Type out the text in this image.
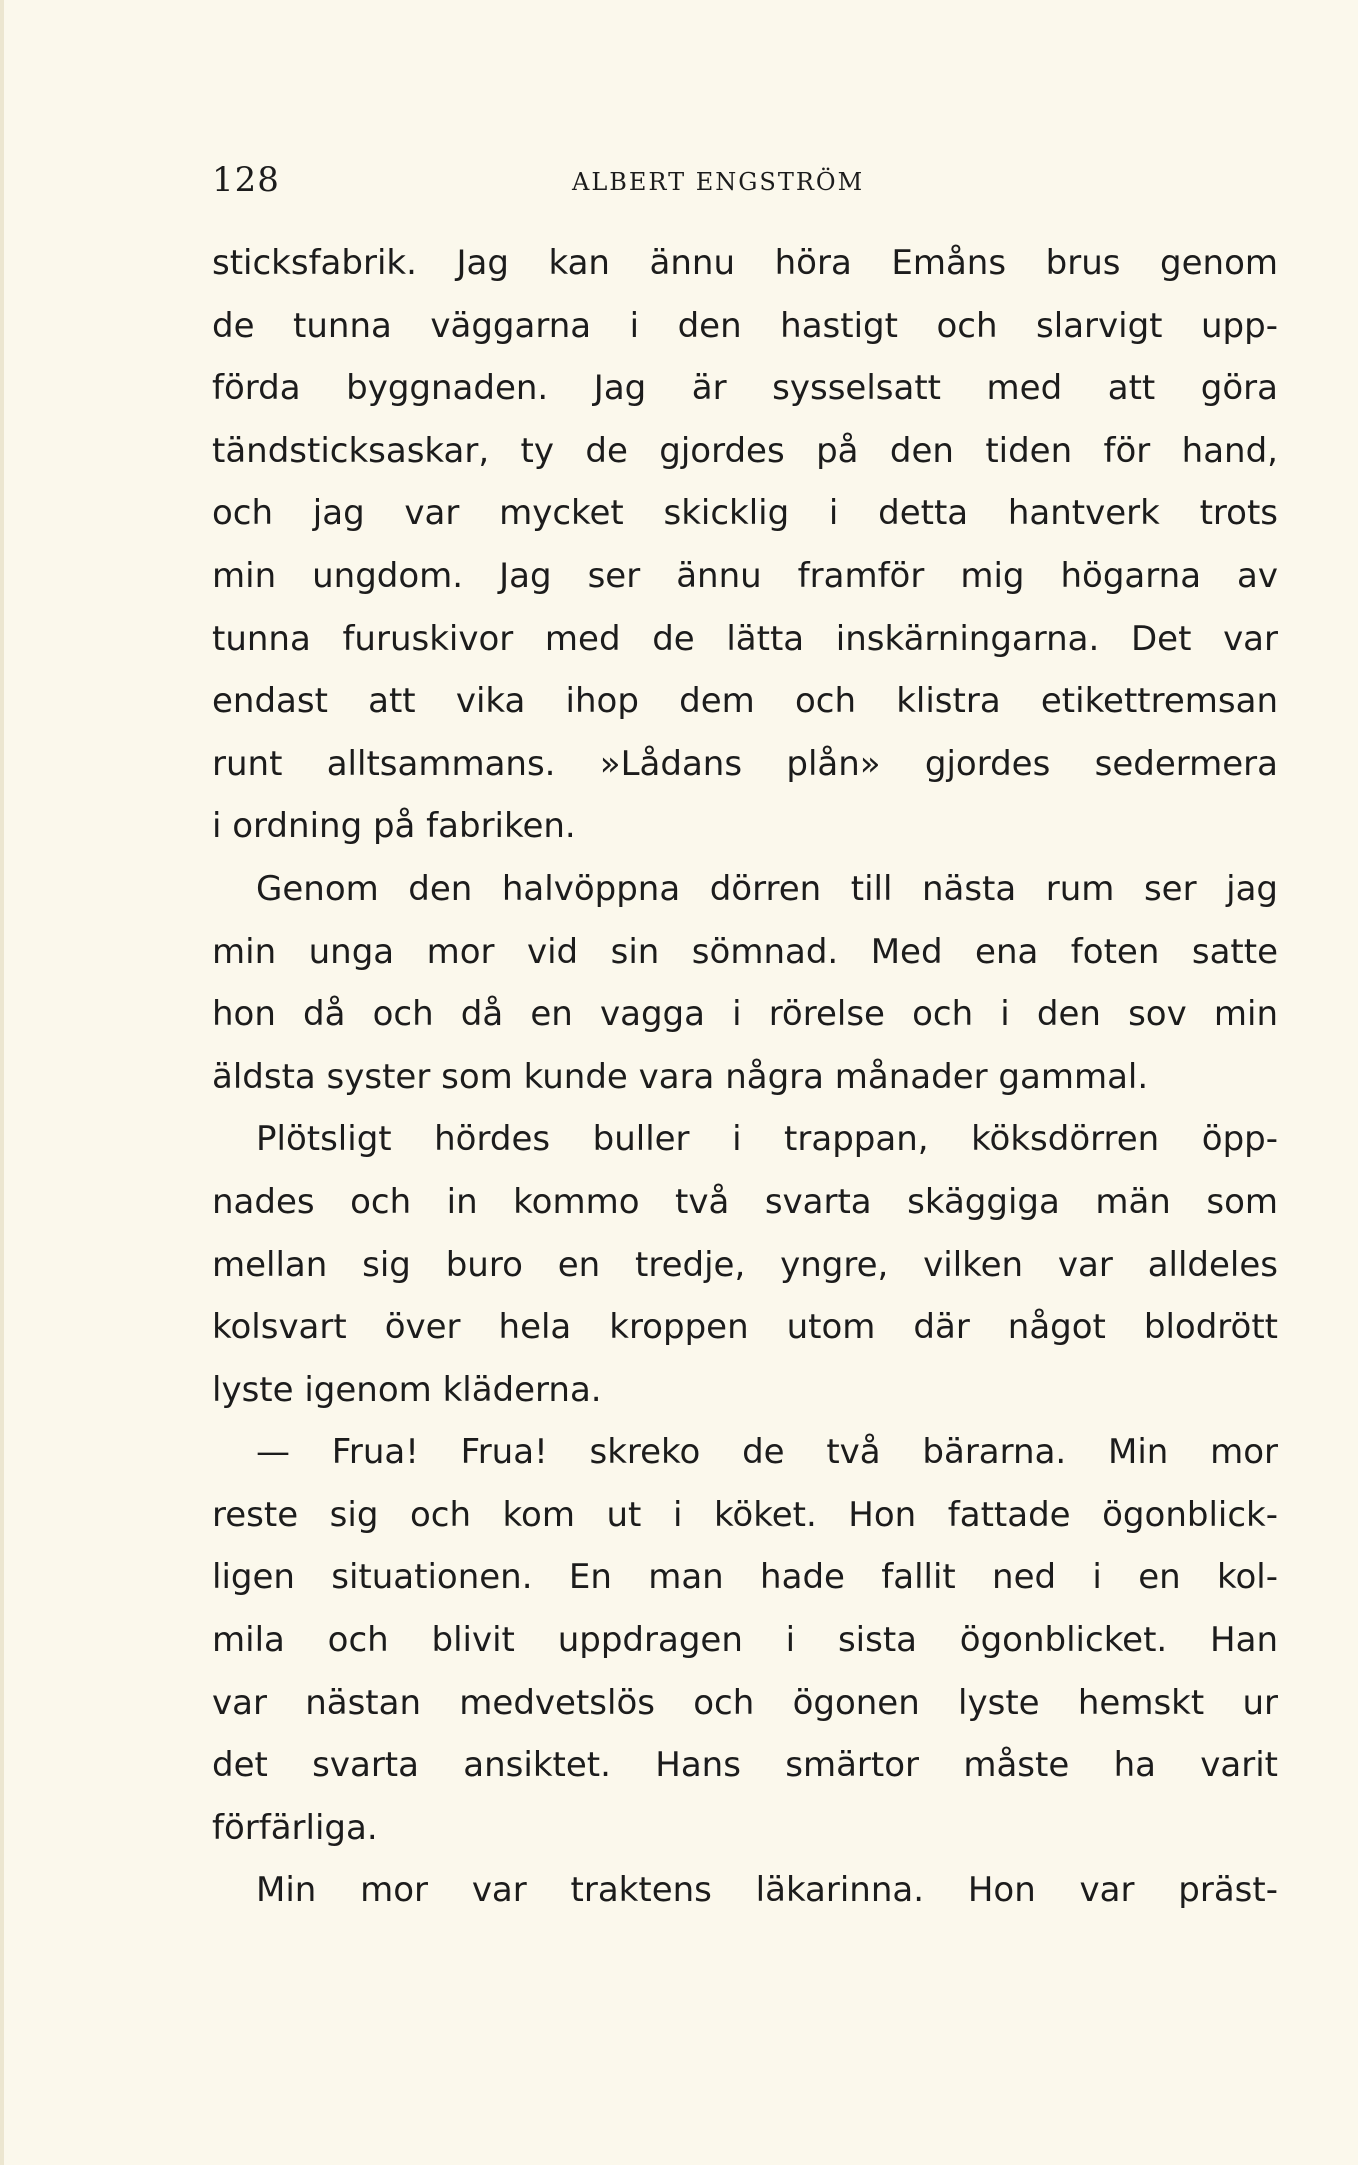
128	ALBERT ENGSTRÖM
sticksfabrik. Jag kan ännu höra Emåns brus genom
de tunna väggarna i den hastigt och slarvigt upp-
förda byggnaden. Jag är sysselsatt med att göra
tändsticksaskar, ty de gjordes på den tiden för hand,
och jag var mycket skicklig i detta hantverk trots
min ungdom. Jag ser ännu framför mig högarna av
tunna furuskivor med de lätta inskärningarna. Det var
endast att vika ihop dem och klistra etikettremsan
runt alltsammans. »Lådans plån» gjordes sedermera
i ordning på fabriken.
Genom den halvöppna dörren till nästa rum ser jag
min unga mor vid sin sömnad. Med ena foten satte
hon då och då en vagga i rörelse och i den sov min
äldsta syster som kunde vara några månader gammal.
Plötsligt hördes buller i trappan, köksdörren öpp-
nades och in kommo två svarta skäggiga män som
mellan sig buro en tredje, yngre, vilken var alldeles
kolsvart över hela kroppen utom där något blodrött
lyste igenom kläderna.
— Frua! Frua! skreko de två bärarna. Min mor
reste sig och kom ut i köket. Hon fattade ögonblick-
ligen situationen. En man hade fallit ned i en kol-
mila och blivit uppdragen i sista ögonblicket. Han
var nästan medvetslös och ögonen lyste hemskt ur
det svarta ansiktet. Hans smärtor måste ha varit
förfärliga.
Min mor var traktens läkarinna. Hon var präst-
